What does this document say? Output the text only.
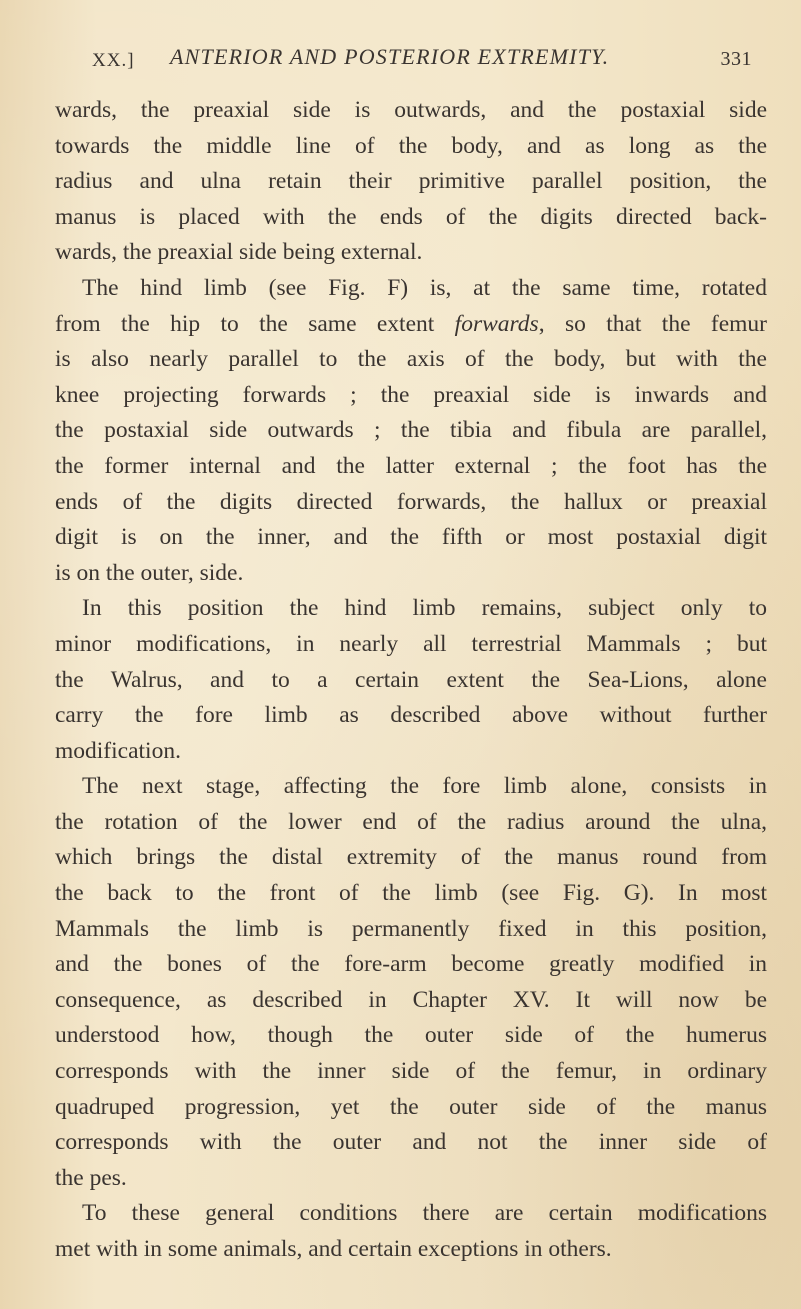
XX.] ANTERIOR AND POSTERIOR EXTREMITY.	331
wards, the preaxial side is outwards, and the postaxial side
towards the middle line of the body, and as long as the
radius and ulna retain their primitive parallel position, the
manus is placed with the ends of the digits directed back-
wards, the preaxial side being external.
The hind limb (see Fig. F) is, at the same time, rotated
from the hip to the same extent forwards, so that the femur
is also nearly parallel to the axis of the body, but with the
knee projecting forwards ; the preaxial side is inwards and
the postaxial side outwards ; the tibia and fibula are parallel,
the former internal and the latter external ; the foot has the
ends of the digits directed forwards, the hallux or preaxial
digit is on the inner, and the fifth or most postaxial digit
is on the outer, side.
In this position the hind limb remains, subject only to
minor modifications, in nearly all terrestrial Mammals ; but
the Walrus, and to a certain extent the Sea-Lions, alone
carry the fore limb as described above without further
modification.
The next stage, affecting the fore limb alone, consists in
the rotation of the lower end of the radius around the ulna,
which brings the distal extremity of the manus round from
the back to the front of the limb (see Fig. G). In most
Mammals the limb is permanently fixed in this position,
and the bones of the fore-arm become greatly modified in
consequence, as described in Chapter XV. It will now be
understood how, though the outer side of the humerus
corresponds with the inner side of the femur, in ordinary
quadruped progression, yet the outer side of the manus
corresponds with the outer and not the inner side of
the pes.
To these general conditions there are certain modifications
met with in some animals, and certain exceptions in others.
